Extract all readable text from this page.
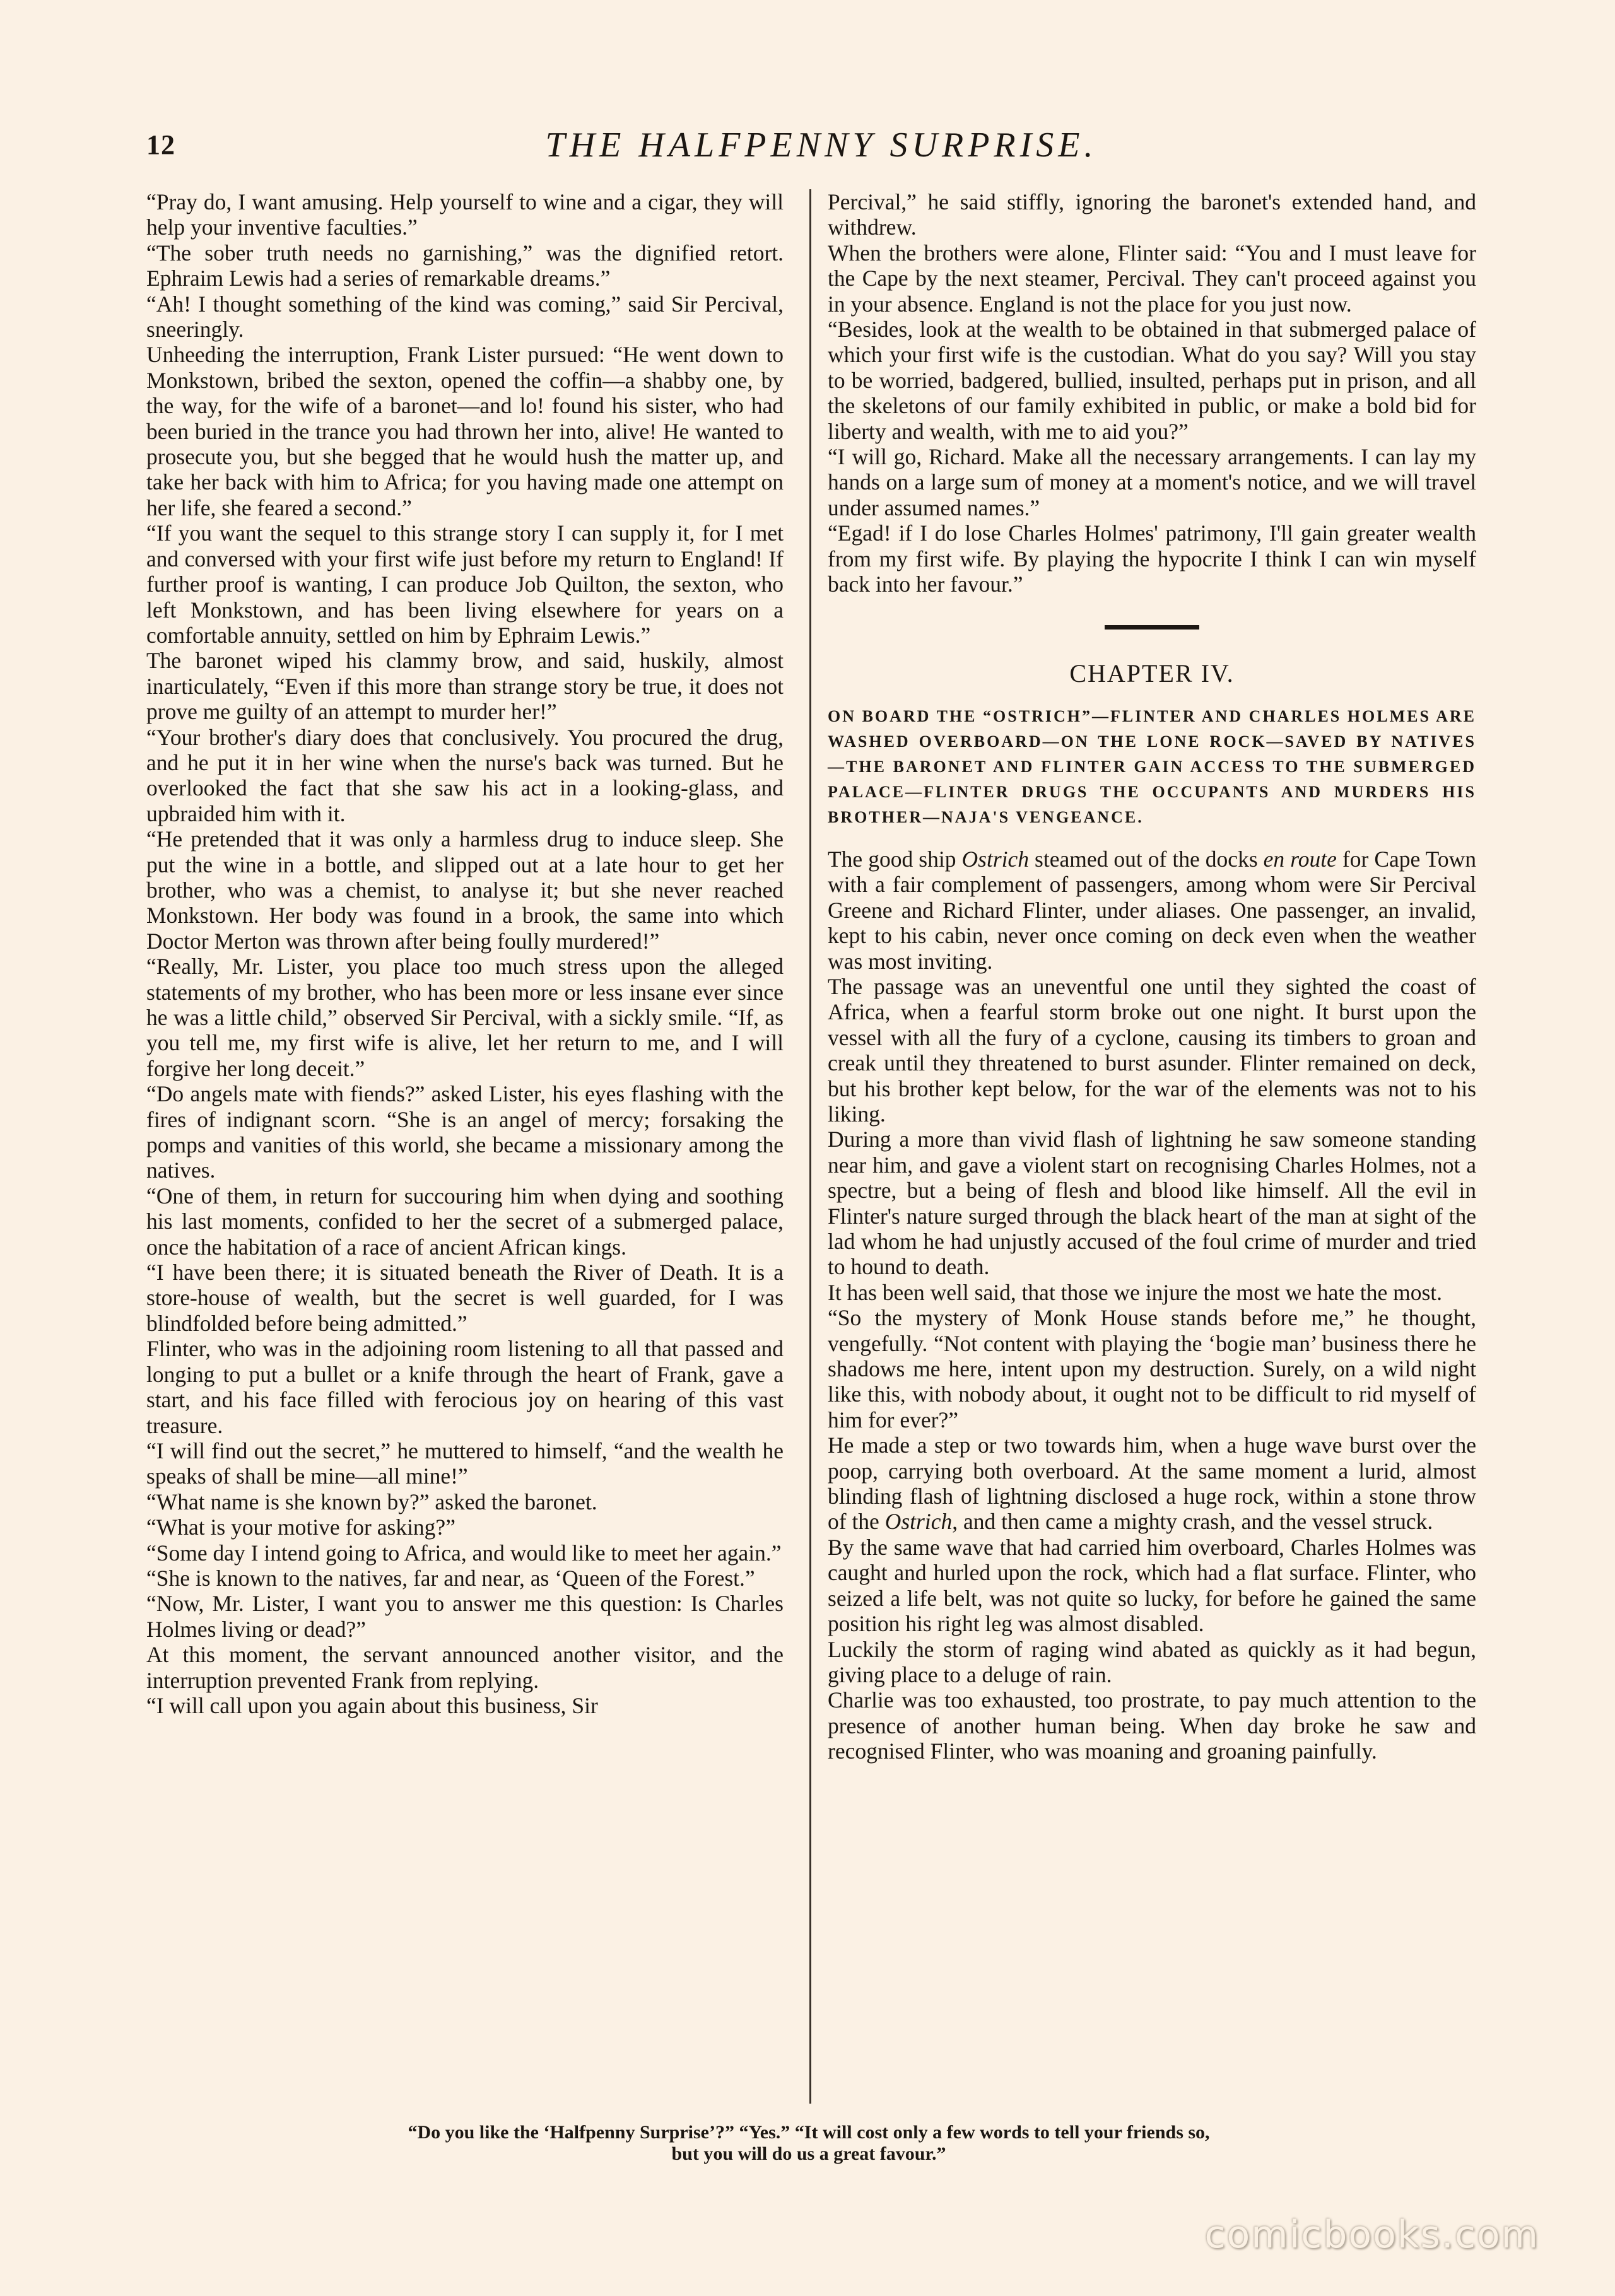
12	THE HALFPENNY SURPRISE.

“Pray do, I want amusing. Help yourself to wine and a cigar, they will help your inventive faculties.”

“The sober truth needs no garnishing,” was the dignified retort. Ephraim Lewis had a series of remarkable dreams.”

“Ah! I thought something of the kind was coming,” said Sir Percival, sneeringly.

Unheeding the interruption, Frank Lister pursued: “He went down to Monkstown, bribed the sexton, opened the coffin—a shabby one, by the way, for the wife of a baronet—and lo! found his sister, who had been buried in the trance you had thrown her into, alive! He wanted to prosecute you, but she begged that he would hush the matter up, and take her back with him to Africa; for you having made one attempt on her life, she feared a second.”

“If you want the sequel to this strange story I can supply it, for I met and conversed with your first wife just before my return to England! If further proof is wanting, I can produce Job Quilton, the sexton, who left Monkstown, and has been living elsewhere for years on a comfortable annuity, settled on him by Ephraim Lewis.”

The baronet wiped his clammy brow, and said, huskily, almost inarticulately, “Even if this more than strange story be true, it does not prove me guilty of an attempt to murder her!”

“Your brother's diary does that conclusively. You procured the drug, and he put it in her wine when the nurse's back was turned. But he overlooked the fact that she saw his act in a looking-glass, and upbraided him with it.

“He pretended that it was only a harmless drug to induce sleep. She put the wine in a bottle, and slipped out at a late hour to get her brother, who was a chemist, to analyse it; but she never reached Monkstown. Her body was found in a brook, the same into which Doctor Merton was thrown after being foully murdered!”

“Really, Mr. Lister, you place too much stress upon the alleged statements of my brother, who has been more or less insane ever since he was a little child,” observed Sir Percival, with a sickly smile. “If, as you tell me, my first wife is alive, let her return to me, and I will forgive her long deceit.”

“Do angels mate with fiends?” asked Lister, his eyes flashing with the fires of indignant scorn. “She is an angel of mercy; forsaking the pomps and vanities of this world, she became a missionary among the natives.

“One of them, in return for succouring him when dying and soothing his last moments, confided to her the secret of a submerged palace, once the habitation of a race of ancient African kings.

“I have been there; it is situated beneath the River of Death. It is a store-house of wealth, but the secret is well guarded, for I was blindfolded before being admitted.”

Flinter, who was in the adjoining room listening to all that passed and longing to put a bullet or a knife through the heart of Frank, gave a start, and his face filled with ferocious joy on hearing of this vast treasure.

“I will find out the secret,” he muttered to himself, “and the wealth he speaks of shall be mine—all mine!”

“What name is she known by?” asked the baronet.

“What is your motive for asking?”

“Some day I intend going to Africa, and would like to meet her again.”

“She is known to the natives, far and near, as ‘Queen of the Forest.”

“Now, Mr. Lister, I want you to answer me this question: Is Charles Holmes living or dead?”

At this moment, the servant announced another visitor, and the interruption prevented Frank from replying.

“I will call upon you again about this business, Sir

Percival,” he said stiffly, ignoring the baronet's extended hand, and withdrew.

When the brothers were alone, Flinter said: “You and I must leave for the Cape by the next steamer, Percival. They can't proceed against you in your absence. England is not the place for you just now.

“Besides, look at the wealth to be obtained in that submerged palace of which your first wife is the custodian. What do you say? Will you stay to be worried, badgered, bullied, insulted, perhaps put in prison, and all the skeletons of our family exhibited in public, or make a bold bid for liberty and wealth, with me to aid you?”

“I will go, Richard. Make all the necessary arrangements. I can lay my hands on a large sum of money at a moment's notice, and we will travel under assumed names.”

“Egad! if I do lose Charles Holmes' patrimony, I'll gain greater wealth from my first wife. By playing the hypocrite I think I can win myself back into her favour.”

CHAPTER IV.
ON BOARD THE “OSTRICH”—FLINTER AND CHARLES HOLMES ARE WASHED OVERBOARD—ON THE LONE ROCK—SAVED BY NATIVES—THE BARONET AND FLINTER GAIN ACCESS TO THE SUBMERGED PALACE—FLINTER DRUGS THE OCCUPANTS AND MURDERS HIS BROTHER—NAJA'S VENGEANCE.

The good ship Ostrich steamed out of the docks en route for Cape Town with a fair complement of passengers, among whom were Sir Percival Greene and Richard Flinter, under aliases. One passenger, an invalid, kept to his cabin, never once coming on deck even when the weather was most inviting.

The passage was an uneventful one until they sighted the coast of Africa, when a fearful storm broke out one night. It burst upon the vessel with all the fury of a cyclone, causing its timbers to groan and creak until they threatened to burst asunder. Flinter remained on deck, but his brother kept below, for the war of the elements was not to his liking.

During a more than vivid flash of lightning he saw someone standing near him, and gave a violent start on recognising Charles Holmes, not a spectre, but a being of flesh and blood like himself. All the evil in Flinter's nature surged through the black heart of the man at sight of the lad whom he had unjustly accused of the foul crime of murder and tried to hound to death.

It has been well said, that those we injure the most we hate the most.

“So the mystery of Monk House stands before me,” he thought, vengefully. “Not content with playing the ‘bogie man’ business there he shadows me here, intent upon my destruction. Surely, on a wild night like this, with nobody about, it ought not to be difficult to rid myself of him for ever?”

He made a step or two towards him, when a huge wave burst over the poop, carrying both overboard. At the same moment a lurid, almost blinding flash of lightning disclosed a huge rock, within a stone throw of the Ostrich, and then came a mighty crash, and the vessel struck.

By the same wave that had carried him overboard, Charles Holmes was caught and hurled upon the rock, which had a flat surface. Flinter, who seized a life belt, was not quite so lucky, for before he gained the same position his right leg was almost disabled.

Luckily the storm of raging wind abated as quickly as it had begun, giving place to a deluge of rain.

Charlie was too exhausted, too prostrate, to pay much attention to the presence of another human being. When day broke he saw and recognised Flinter, who was moaning and groaning painfully.

“Do you like the ‘Halfpenny Surprise’?” “Yes.” “It will cost only a few words to tell your friends so,
but you will do us a great favour.”
comicbooks.com
